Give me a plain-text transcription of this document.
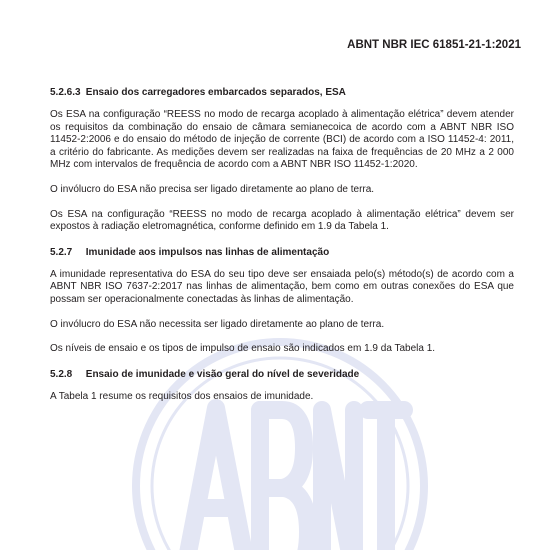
ABNT NBR IEC 61851-21-1:2021
5.2.6.3 Ensaio dos carregadores embarcados separados, ESA

Os ESA na configuração “REESS no modo de recarga acoplado à alimentação elétrica” devem atender os requisitos da combinação do ensaio de câmara semianecoica de acordo com a ABNT NBR ISO 11452-2:2006 e do ensaio do método de injeção de corrente (BCI) de acordo com a ISO 11452-4: 2011, a critério do fabricante. As medições devem ser realizadas na faixa de frequências de 20 MHz a 2 000 MHz com intervalos de frequência de acordo com a ABNT NBR ISO 11452-1:2020.

O invólucro do ESA não precisa ser ligado diretamente ao plano de terra.

Os ESA na configuração “REESS no modo de recarga acoplado à alimentação elétrica” devem ser expostos à radiação eletromagnética, conforme definido em 1.9 da Tabela 1.

5.2.7 Imunidade aos impulsos nas linhas de alimentação

A imunidade representativa do ESA do seu tipo deve ser ensaiada pelo(s) método(s) de acordo com a ABNT NBR ISO 7637-2:2017 nas linhas de alimentação, bem como em outras conexões do ESA que possam ser operacionalmente conectadas às linhas de alimentação.

O invólucro do ESA não necessita ser ligado diretamente ao plano de terra.

Os níveis de ensaio e os tipos de impulso de ensaio são indicados em 1.9 da Tabela 1.

5.2.8 Ensaio de imunidade e visão geral do nível de severidade

A Tabela 1 resume os requisitos dos ensaios de imunidade.
